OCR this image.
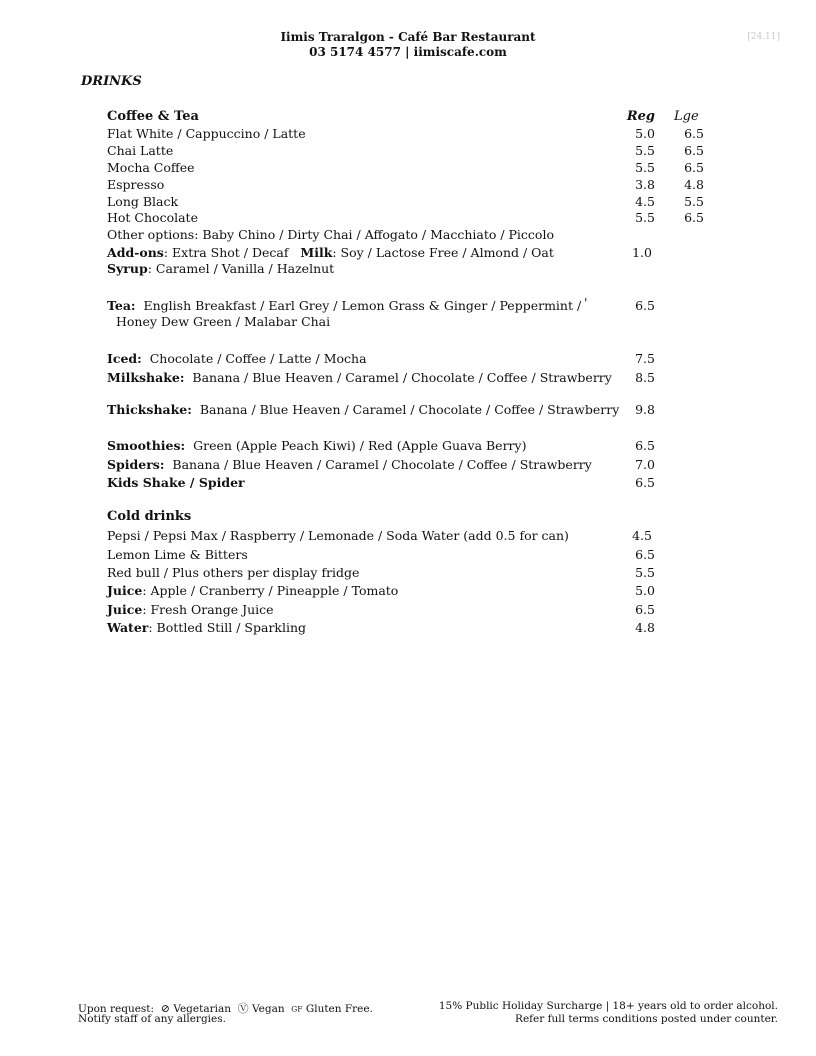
Iimis Traralgon - Café Bar Restaurant
03 5174 4577 | iimiscafe.com
[24.11]
DRINKS
Coffee & Tea	Reg Lge
Flat White / Cappuccino / Latte	5.0	6.5
Chai Latte	5.5	6.5
Mocha Coffee	5.5	6.5
Espresso	3.8	4.8
Long Black	4.5	5.5
Hot Chocolate	5.5	6.5
Other options: Baby Chino / Dirty Chai / Affogato / Macchiato / Piccolo
Add-ons: Extra Shot / Decaf Milk: Soy / Lactose Free / Almond / Oat	1.0
Syrup: Caramel / Vanilla / Hazelnut
Tea: English Breakfast / Earl Grey / Lemon Grass & Ginger / Peppermint / '	6.5
Honey Dew Green / Malabar Chai
Iced: Chocolate / Coffee / Latte / Mocha	7.5
Milkshake: Banana / Blue Heaven / Caramel / Chocolate / Coffee / Strawberry	8.5
Thickshake: Banana / Blue Heaven / Caramel / Chocolate / Coffee / Strawberry	9.8
Smoothies: Green (Apple Peach Kiwi) / Red (Apple Guava Berry)	6.5
Spiders: Banana / Blue Heaven / Caramel / Chocolate / Coffee / Strawberry	7.0
Kids Shake / Spider	6.5
Cold drinks
Pepsi / Pepsi Max / Raspberry / Lemonade / Soda Water (add 0.5 for can)	4.5
Lemon Lime & Bitters	6.5
Red bull / Plus others per display fridge	5.5
Juice: Apple / Cranberry / Pineapple / Tomato	5.0
Juice: Fresh Orange Juice	6.5
Water: Bottled Still / Sparkling	4.8
Upon request: ⊘ Vegetarian Ⓥ Vegan GF Gluten Free.
Notify staff of any allergies.
15% Public Holiday Surcharge | 18+ years old to order alcohol.
Refer full terms conditions posted under counter.
